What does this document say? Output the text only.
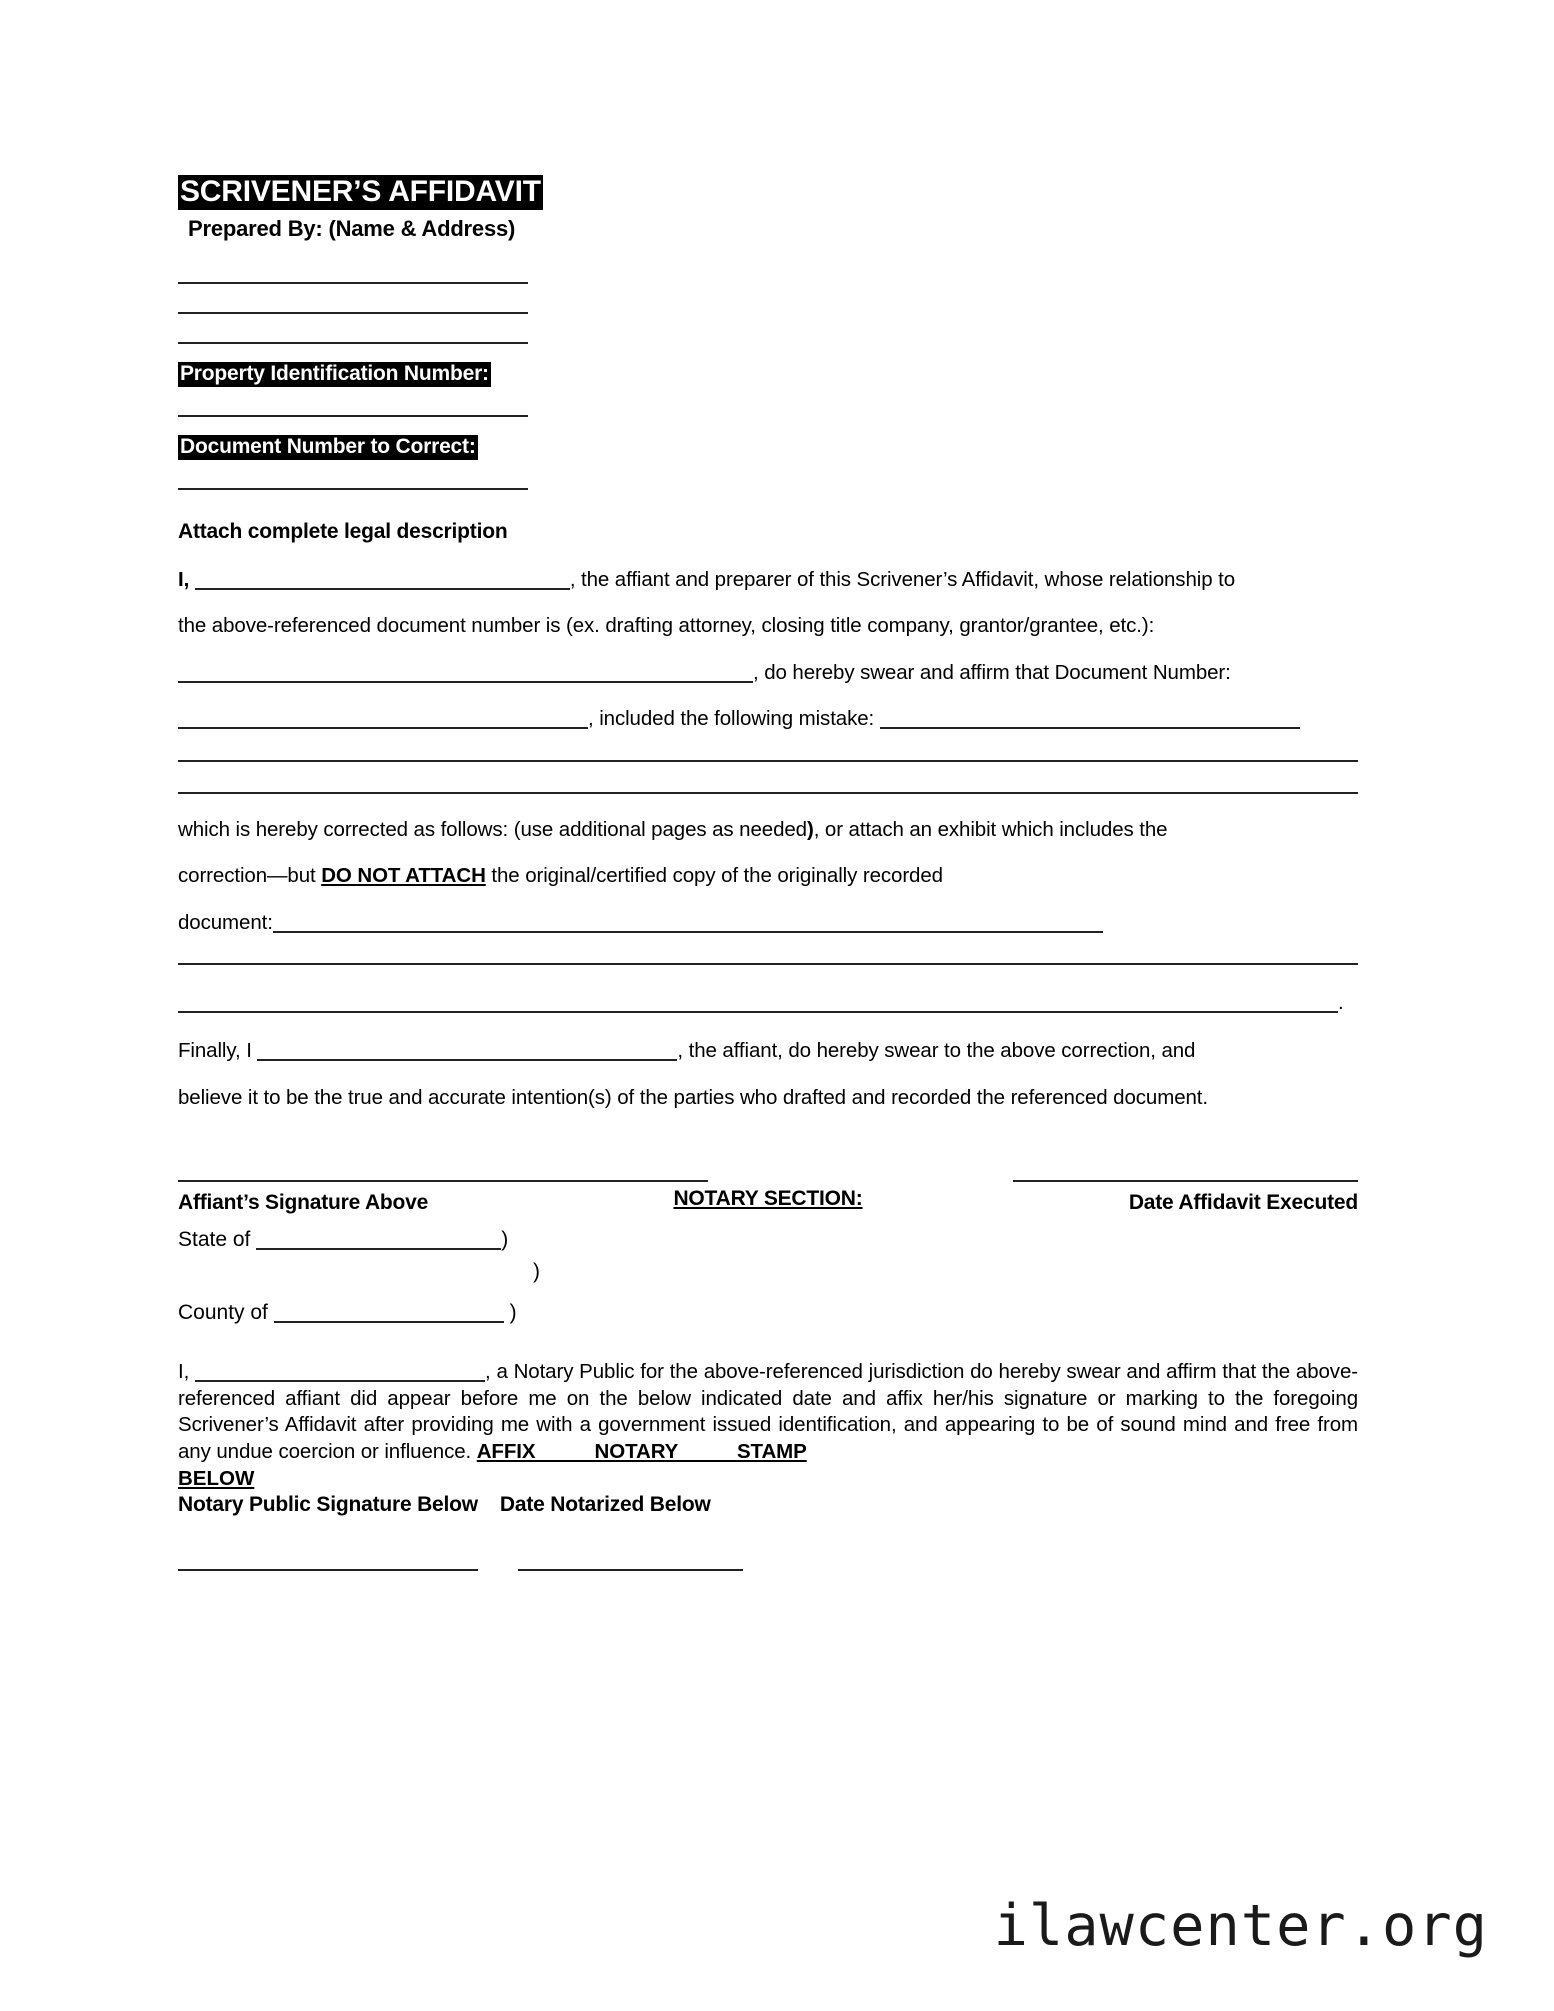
SCRIVENER’S AFFIDAVIT
Prepared By: (Name & Address)
Property Identification Number:
Document Number to Correct:
Attach complete legal description
I,	, the affiant and preparer of this Scrivener’s Affidavit, whose relationship to
the above-referenced document number is (ex. drafting attorney, closing title company, grantor/grantee, etc.):
, do hereby swear and affirm that Document Number:
, included the following mistake:
which is hereby corrected as follows: (use additional pages as needed), or attach an exhibit which includes the
correction—but DO NOT ATTACH the original/certified copy of the originally recorded
document:
.
Finally, I	, the affiant, do hereby swear to the above correction, and
believe it to be the true and accurate intention(s) of the parties who drafted and recorded the referenced document.
Affiant’s Signature Above	Date Affidavit Executed
NOTARY SECTION:
State of	)
)
County of	)
I,	, a Notary Public for the above-referenced jurisdiction do hereby swear and affirm that the above-referenced affiant did appear before me on the below indicated date and affix her/his signature or marking to the foregoing Scrivener’s Affidavit after providing me with a government issued identification, and appearing to be of sound mind and free from any undue coercion or influence. AFFIX NOTARY STAMP
BELOW
Notary Public Signature Below Date Notarized Below
ilawcenter.org
